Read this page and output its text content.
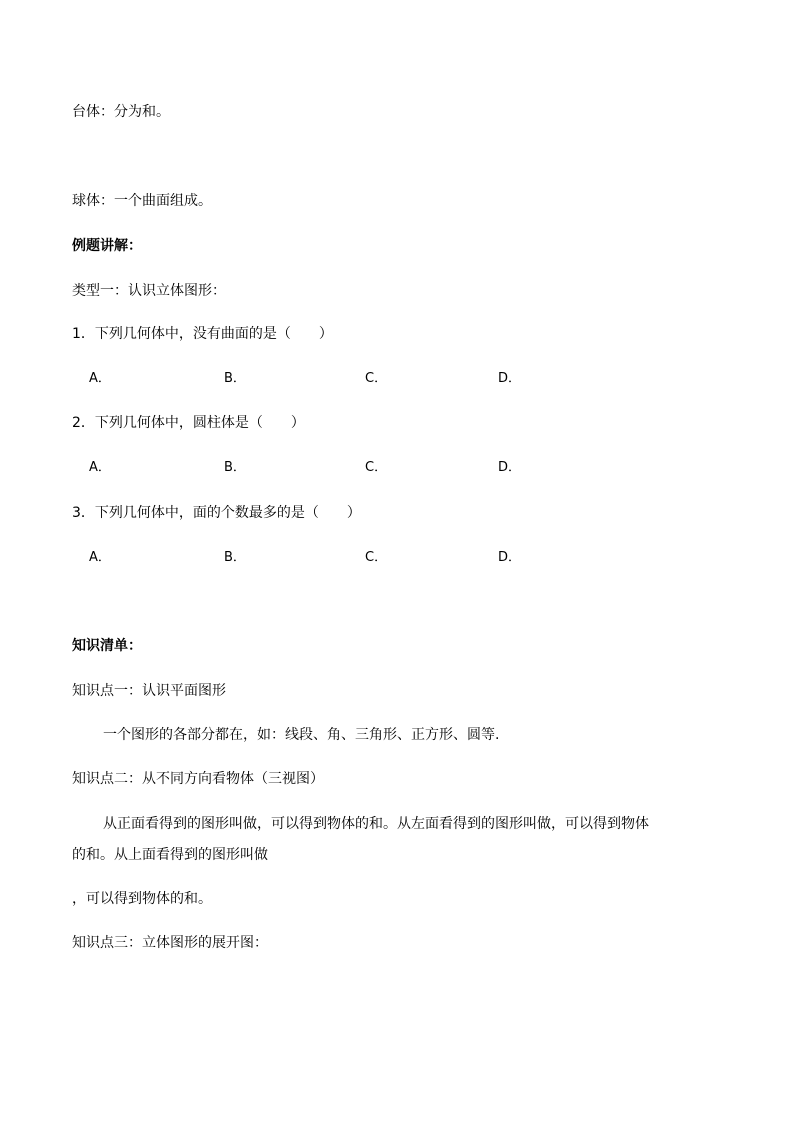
台体：分为和。
球体：一个曲面组成。
例题讲解：
类型一：认识立体图形：
1．下列几何体中，没有曲面的是（　　）
A．	B．	C．	D．
2．下列几何体中，圆柱体是（　　）
A．	B．	C．	D．
3．下列几何体中，面的个数最多的是（　　）
A．	B．	C．	D．
知识清单：
知识点一：认识平面图形
一个图形的各部分都在，如：线段、角、三角形、正方形、圆等.
知识点二：从不同方向看物体（三视图）
从正面看得到的图形叫做，可以得到物体的和。从左面看得到的图形叫做，可以得到物体
的和。从上面看得到的图形叫做
，可以得到物体的和。
知识点三：立体图形的展开图：
